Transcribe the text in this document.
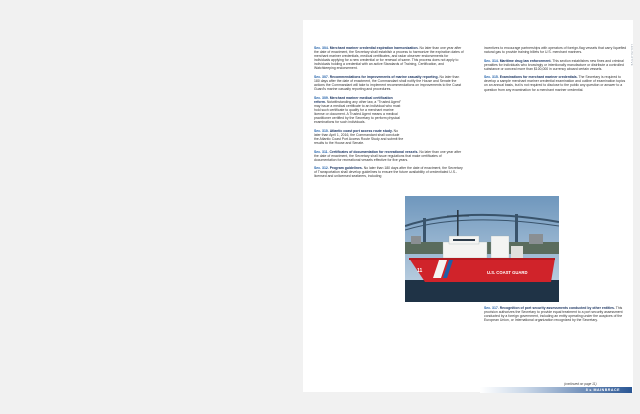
LEGISLATIVE

Sec. 304. Merchant mariner credential expiration harmonization. No later than one year after the date of enactment, the Secretary shall establish a process to harmonize the expiration dates of merchant mariner credentials, medical certificates, and radar observer endorsements for individuals applying for a new credential or for renewal of same. This process does not apply to individuals holding a credential with an active Standards of Training, Certification, and Watchkeeping endorsement.

Sec. 307. Recommendations for improvements of marine casualty reporting. No later than 180 days after the date of enactment, the Commandant shall notify the House and Senate the actions the Commandant will take to implement recommendations on improvements to the Coast Guard's marine casualty reporting and procedures.

Sec. 309. Merchant mariner medical certification reform. Notwithstanding any other law, a "Trusted Agent" may issue a medical certificate to an individual who must hold such certificate to qualify for a merchant marine license or document. A Trusted Agent means a medical practitioner certified by the Secretary to perform physical examinations for such individuals.

Sec. 310. Atlantic coast port access route study. No later than April 1, 2016, the Commandant shall conclude the Atlantic Coast Port Access Route Study and submit the results to the House and Senate.

Sec. 311. Certificates of documentation for recreational vessels. No later than one year after the date of enactment, the Secretary shall issue regulations that make certificates of documentation for recreational vessels effective for five years.

Sec. 312. Program guidelines. No later than 180 days after the date of enactment, the Secretary of Transportation shall develop guidelines to ensure the future availability of credentialed U.S.-licensed and unlicensed seafarers, including

incentives to encourage partnerships with operators of foreign-flag vessels that carry liquefied natural gas to provide training billets for U.S. merchant mariners.

Sec. 314. Maritime drug law enforcement. This section establishes new fines and criminal penalties for individuals who knowingly or intentionally manufacture or distribute a controlled substance or conceal more than $100,000 in currency aboard certain vessels.

Sec. 315. Examinations for merchant mariner credentials. The Secretary is required to develop a sample merchant mariner credential examination and outline of examination topics on an annual basis, but is not required to disclose to the public any question or answer to a question from any examination for a merchant mariner credential.

Sec. 317. Recognition of port security assessments conducted by other entities. This provision authorizes the Secretary to provide equal treatment to a port security assessment conducted by a foreign government, including an entity operating under the auspices of the European Union, or International organization recognized by the Secretary.

11	U.S. COAST GUARD
(continued on page 11)
8 ▸ MAINBRACE
